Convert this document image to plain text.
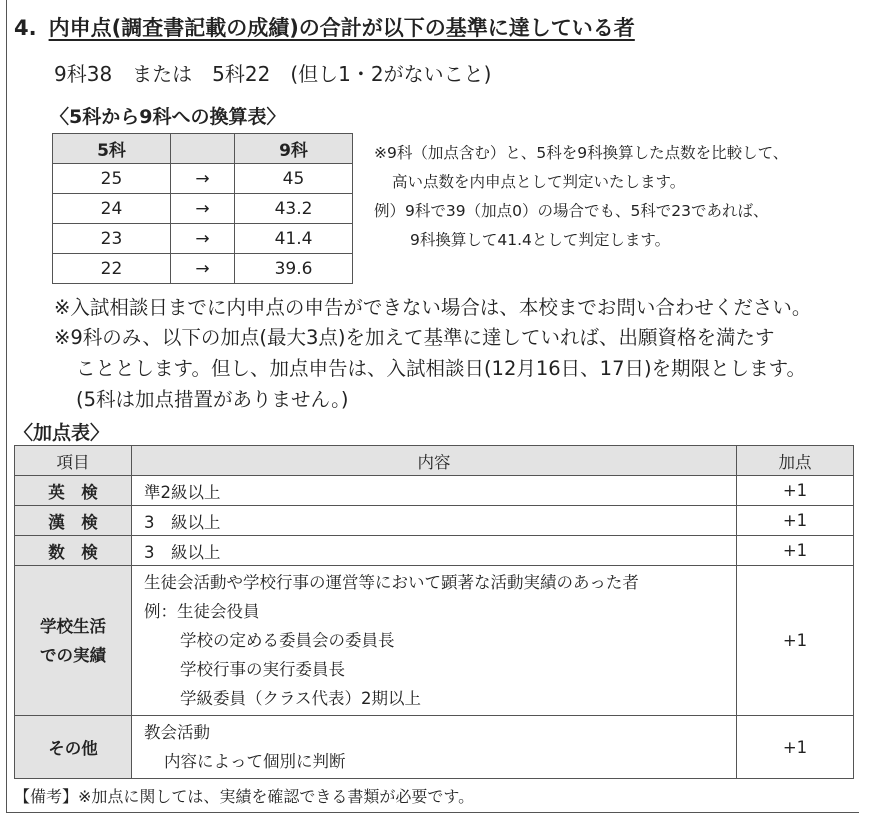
4. 内申点(調査書記載の成績)の合計が以下の基準に達している者
9科38　または　5科22　(但し1・2がないこと)
〈5科から9科への換算表〉
5科		9科
25	→	45
24	→	43.2
23	→	41.4
22	→	39.6
※9科（加点含む）と、5科を9科換算した点数を比較して、
高い点数を内申点として判定いたします。
例）9科で39（加点0）の場合でも、5科で23であれば、
9科換算して41.4として判定します。
※入試相談日までに内申点の申告ができない場合は、本校までお問い合わせください。
※9科のみ、以下の加点(最大3点)を加えて基準に達していれば、出願資格を満たす
こととします。但し、加点申告は、入試相談日(12月16日、17日)を期限とします。
(5科は加点措置がありません。)
〈加点表〉
項目	内容	加点
英　検	準2級以上	+1
漢　検	3　級以上	+1
数　検	3　級以上	+1

学校生活
での実績	生徒会活動や学校行事の運営等において顕著な活動実績のあった者
例：生徒会役員
学校の定める委員会の委員長
学校行事の実行委員長
学級委員（クラス代表）2期以上	+1
その他	教会活動
内容によって個別に判断	+1
【備考】※加点に関しては、実績を確認できる書類が必要です。
